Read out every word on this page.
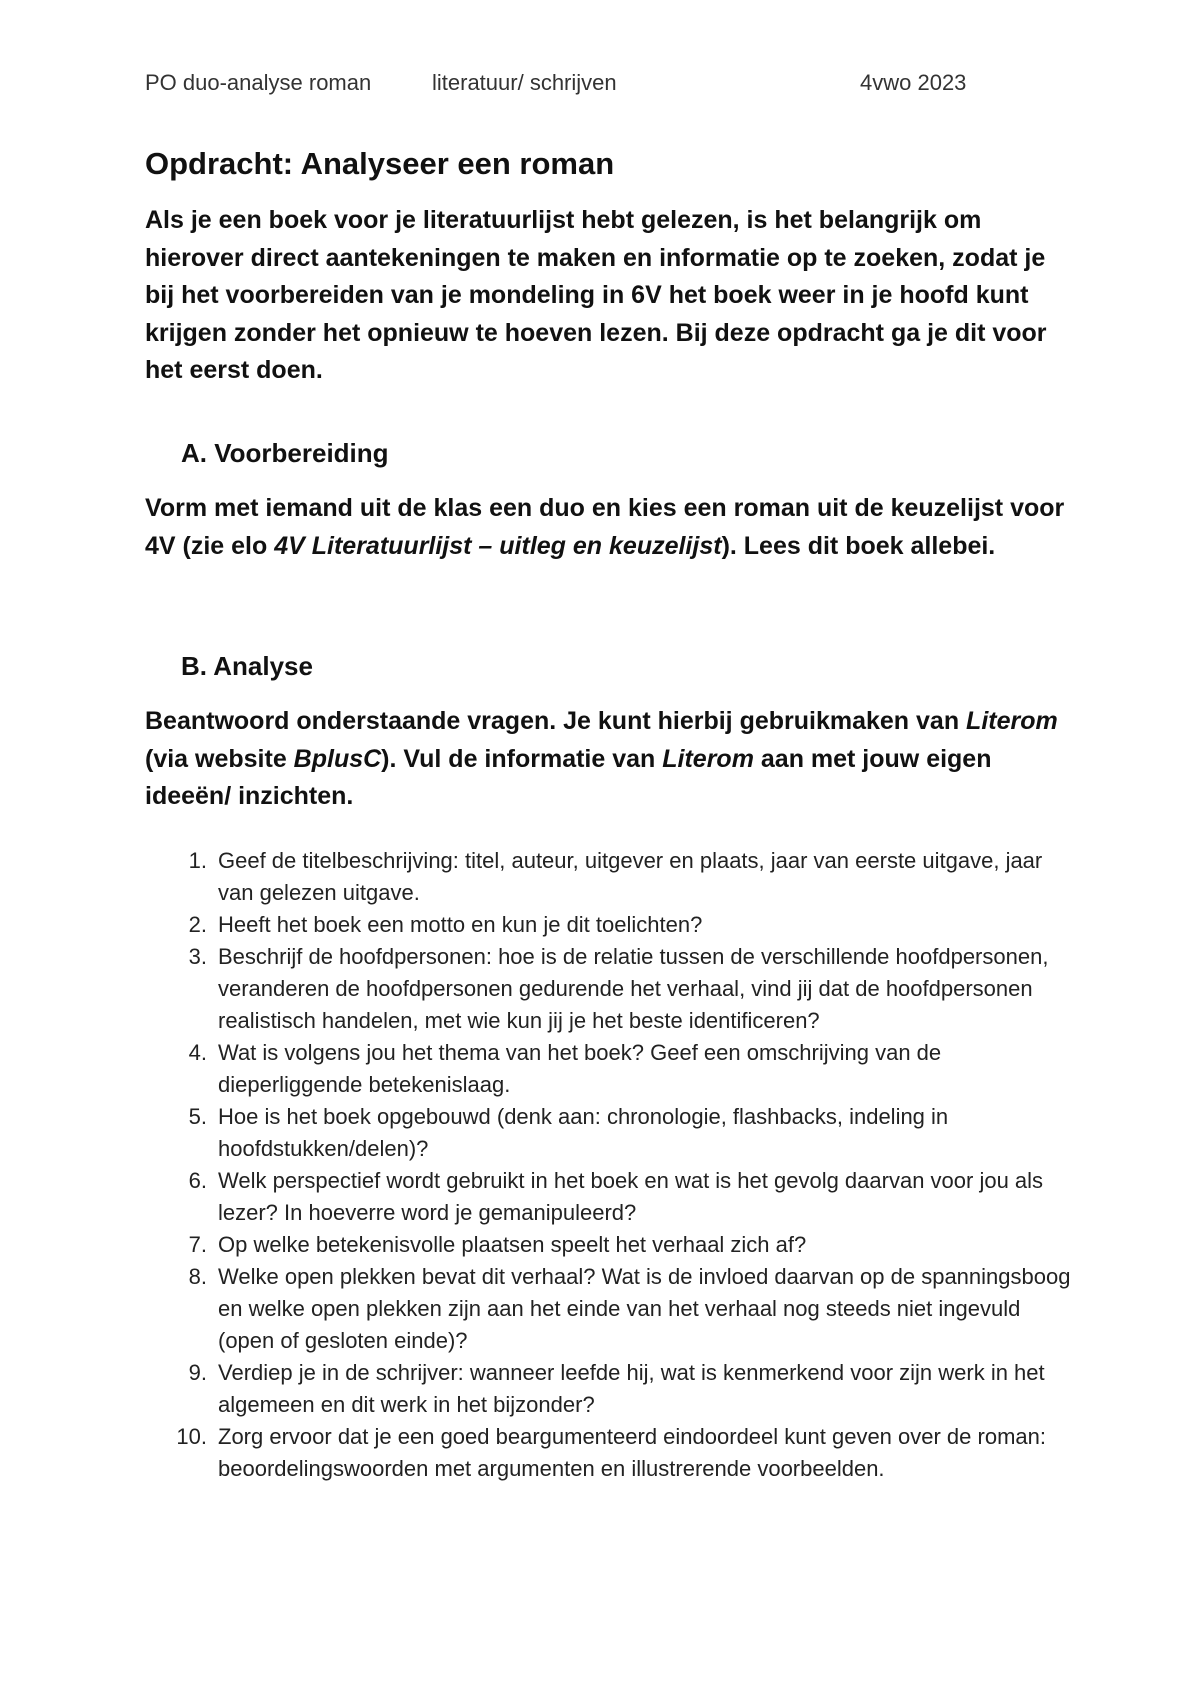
PO duo-analyse roman	literatuur/ schrijven	4vwo 2023
Opdracht: Analyseer een roman

Als je een boek voor je literatuurlijst hebt gelezen, is het belangrijk om hierover direct aantekeningen te maken en informatie op te zoeken, zodat je bij het voorbereiden van je mondeling in 6V het boek weer in je hoofd kunt krijgen zonder het opnieuw te hoeven lezen. Bij deze opdracht ga je dit voor het eerst doen.

A. Voorbereiding

Vorm met iemand uit de klas een duo en kies een roman uit de keuzelijst voor 4V (zie elo 4V Literatuurlijst – uitleg en keuzelijst). Lees dit boek allebei.

B. Analyse

Beantwoord onderstaande vragen. Je kunt hierbij gebruikmaken van Literom (via website BplusC). Vul de informatie van Literom aan met jouw eigen ideeën/ inzichten.

1. Geef de titelbeschrijving: titel, auteur, uitgever en plaats, jaar van eerste uitgave, jaar van gelezen uitgave.
2. Heeft het boek een motto en kun je dit toelichten?
3. Beschrijf de hoofdpersonen: hoe is de relatie tussen de verschillende hoofdpersonen, veranderen de hoofdpersonen gedurende het verhaal, vind jij dat de hoofdpersonen realistisch handelen, met wie kun jij je het beste identificeren?
4. Wat is volgens jou het thema van het boek? Geef een omschrijving van de dieperliggende betekenislaag.
5. Hoe is het boek opgebouwd (denk aan: chronologie, flashbacks, indeling in hoofdstukken/delen)?
6. Welk perspectief wordt gebruikt in het boek en wat is het gevolg daarvan voor jou als lezer? In hoeverre word je gemanipuleerd?
7. Op welke betekenisvolle plaatsen speelt het verhaal zich af?
8. Welke open plekken bevat dit verhaal? Wat is de invloed daarvan op de spanningsboog en welke open plekken zijn aan het einde van het verhaal nog steeds niet ingevuld (open of gesloten einde)?
9. Verdiep je in de schrijver: wanneer leefde hij, wat is kenmerkend voor zijn werk in het algemeen en dit werk in het bijzonder?
10. Zorg ervoor dat je een goed beargumenteerd eindoordeel kunt geven over de roman: beoordelingswoorden met argumenten en illustrerende voorbeelden.
